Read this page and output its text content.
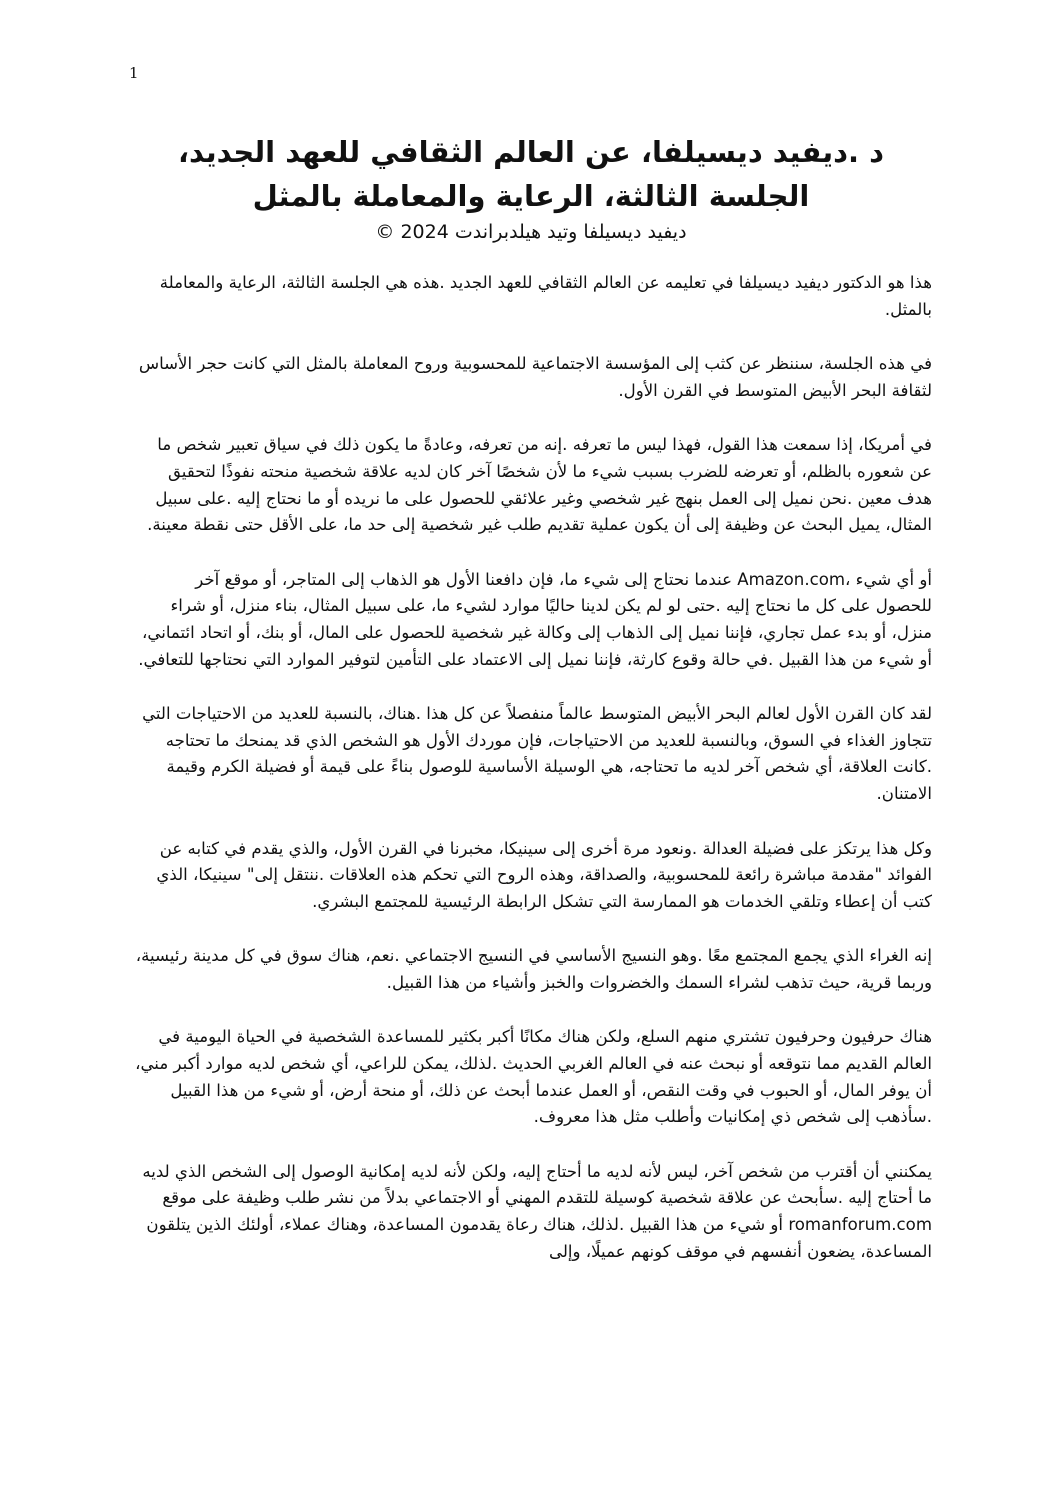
1
د .ديفيد ديسيلفا، عن العالم الثقافي للعهد الجديد، الجلسة الثالثة، الرعاية والمعاملة بالمثل

ديفيد ديسيلفا وتيد هيلدبراندت 2024 ©

هذا هو الدكتور ديفيد ديسيلفا في تعليمه عن العالم الثقافي للعهد الجديد .هذه هي الجلسة الثالثة، الرعاية والمعاملة بالمثل.

في هذه الجلسة، سننظر عن كثب إلى المؤسسة الاجتماعية للمحسوبية وروح المعاملة بالمثل التي كانت حجر الأساس لثقافة البحر الأبيض المتوسط في القرن الأول.

في أمريكا، إذا سمعت هذا القول، فهذا ليس ما تعرفه .إنه من تعرفه، وعادةً ما يكون ذلك في سياق تعبير شخص ما عن شعوره بالظلم، أو تعرضه للضرب بسبب شيء ما لأن شخصًا آخر كان لديه علاقة شخصية منحته نفوذًا لتحقيق هدف معين .نحن نميل إلى العمل بنهج غير شخصي وغير علائقي للحصول على ما نريده أو ما نحتاج إليه .على سبيل المثال، يميل البحث عن وظيفة إلى أن يكون عملية تقديم طلب غير شخصية إلى حد ما، على الأقل حتى نقطة معينة.

أو أي شيء ،Amazon.com عندما نحتاج إلى شيء ما، فإن دافعنا الأول هو الذهاب إلى المتاجر، أو موقع آخر للحصول على كل ما نحتاج إليه .حتى لو لم يكن لدينا حاليًا موارد لشيء ما، على سبيل المثال، بناء منزل، أو شراء منزل، أو بدء عمل تجاري، فإننا نميل إلى الذهاب إلى وكالة غير شخصية للحصول على المال، أو بنك، أو اتحاد ائتماني، أو شيء من هذا القبيل .في حالة وقوع كارثة، فإننا نميل إلى الاعتماد على التأمين لتوفير الموارد التي نحتاجها للتعافي.

لقد كان القرن الأول لعالم البحر الأبيض المتوسط عالماً منفصلاً عن كل هذا .هناك، بالنسبة للعديد من الاحتياجات التي تتجاوز الغذاء في السوق، وبالنسبة للعديد من الاحتياجات، فإن موردك الأول هو الشخص الذي قد يمنحك ما تحتاجه .كانت العلاقة، أي شخص آخر لديه ما تحتاجه، هي الوسيلة الأساسية للوصول بناءً على قيمة أو فضيلة الكرم وقيمة الامتنان.

وكل هذا يرتكز على فضيلة العدالة .ونعود مرة أخرى إلى سينيكا، مخبرنا في القرن الأول، والذي يقدم في كتابه عن الفوائد "مقدمة مباشرة رائعة للمحسوبية، والصداقة، وهذه الروح التي تحكم هذه العلاقات .ننتقل إلى" سينيكا، الذي كتب أن إعطاء وتلقي الخدمات هو الممارسة التي تشكل الرابطة الرئيسية للمجتمع البشري.

إنه الغراء الذي يجمع المجتمع معًا .وهو النسيج الأساسي في النسيج الاجتماعي .نعم، هناك سوق في كل مدينة رئيسية، وربما قرية، حيث تذهب لشراء السمك والخضروات والخبز وأشياء من هذا القبيل.

هناك حرفيون وحرفيون تشتري منهم السلع، ولكن هناك مكانًا أكبر بكثير للمساعدة الشخصية في الحياة اليومية في العالم القديم مما نتوقعه أو نبحث عنه في العالم الغربي الحديث .لذلك، يمكن للراعي، أي شخص لديه موارد أكبر مني، أن يوفر المال، أو الحبوب في وقت النقص، أو العمل عندما أبحث عن ذلك، أو منحة أرض، أو شيء من هذا القبيل .سأذهب إلى شخص ذي إمكانيات وأطلب مثل هذا معروف.

يمكنني أن أقترب من شخص آخر، ليس لأنه لديه ما أحتاج إليه، ولكن لأنه لديه إمكانية الوصول إلى الشخص الذي لديه ما أحتاج إليه .سأبحث عن علاقة شخصية كوسيلة للتقدم المهني أو الاجتماعي بدلاً من نشر طلب وظيفة على موقع romanforum.com أو شيء من هذا القبيل .لذلك، هناك رعاة يقدمون المساعدة، وهناك عملاء، أولئك الذين يتلقون المساعدة، يضعون أنفسهم في موقف كونهم عميلًا، وإلى
